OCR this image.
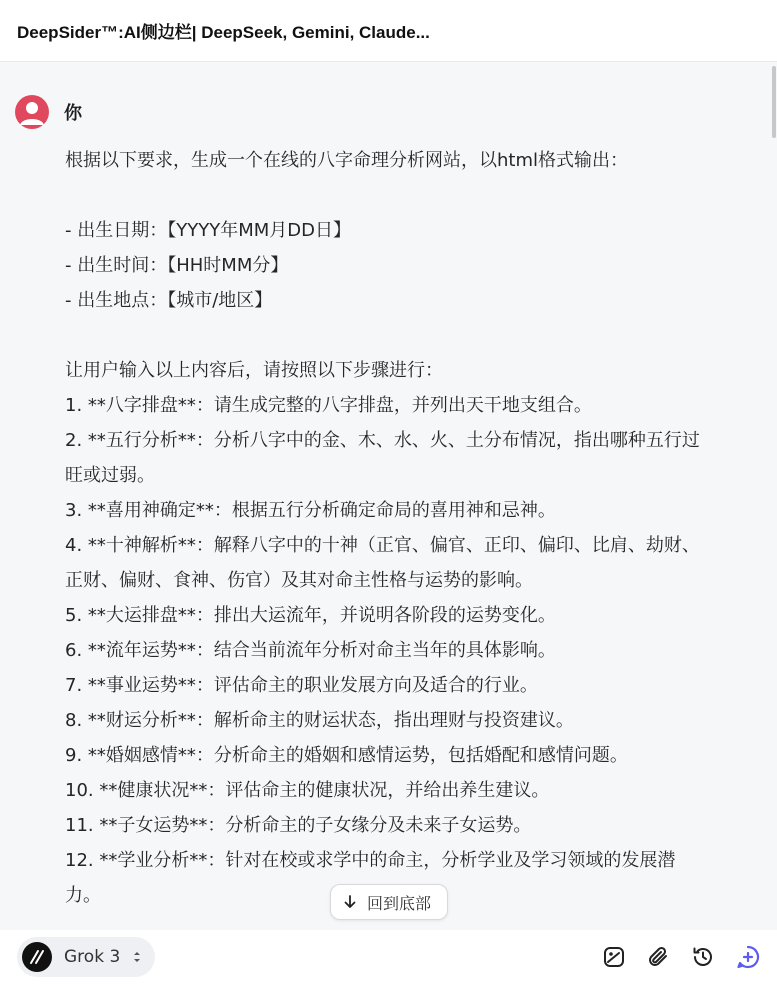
DeepSider™:AI侧边栏| DeepSeek, Gemini, Claude...
你
根据以下要求，生成一个在线的八字命理分析网站，以html格式输出：
- 出生日期：【YYYY年MM月DD日】
- 出生时间：【HH时MM分】
- 出生地点：【城市/地区】
让用户输入以上内容后，请按照以下步骤进行：
1. **八字排盘**：请生成完整的八字排盘，并列出天干地支组合。
2. **五行分析**：分析八字中的金、木、水、火、土分布情况，指出哪种五行过
旺或过弱。
3. **喜用神确定**：根据五行分析确定命局的喜用神和忌神。
4. **十神解析**：解释八字中的十神（正官、偏官、正印、偏印、比肩、劫财、
正财、偏财、食神、伤官）及其对命主性格与运势的影响。
5. **大运排盘**：排出大运流年，并说明各阶段的运势变化。
6. **流年运势**：结合当前流年分析对命主当年的具体影响。
7. **事业运势**：评估命主的职业发展方向及适合的行业。
8. **财运分析**：解析命主的财运状态，指出理财与投资建议。
9. **婚姻感情**：分析命主的婚姻和感情运势，包括婚配和感情问题。
10. **健康状况**：评估命主的健康状况，并给出养生建议。
11. **子女运势**：分析命主的子女缘分及未来子女运势。
12. **学业分析**：针对在校或求学中的命主，分析学业及学习领域的发展潜
力。	回到底部
Grok 3
